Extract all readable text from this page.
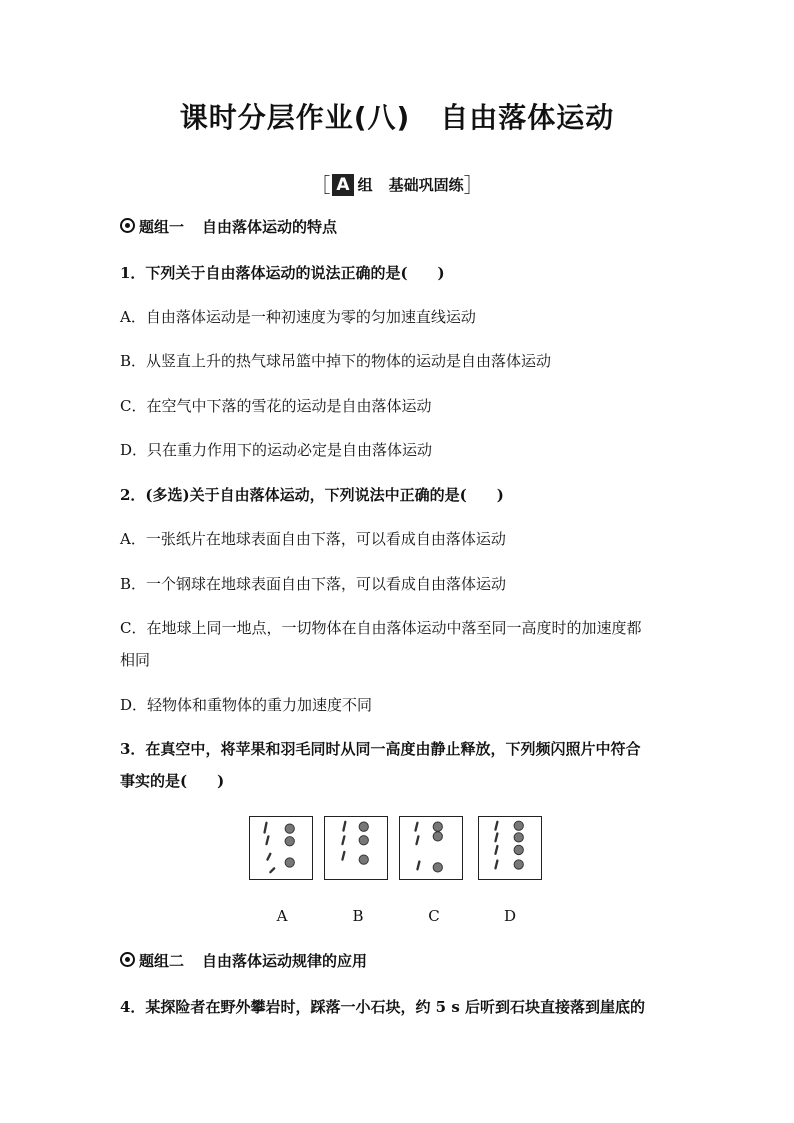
课时分层作业(八) 自由落体运动
［ A 组 基础巩固练］
题组一 自由落体运动的特点
1．下列关于自由落体运动的说法正确的是(　　)
A．自由落体运动是一种初速度为零的匀加速直线运动
B．从竖直上升的热气球吊篮中掉下的物体的运动是自由落体运动
C．在空气中下落的雪花的运动是自由落体运动
D．只在重力作用下的运动必定是自由落体运动
2．(多选)关于自由落体运动，下列说法中正确的是(　　)
A．一张纸片在地球表面自由下落，可以看成自由落体运动
B．一个钢球在地球表面自由下落，可以看成自由落体运动
C．在地球上同一地点，一切物体在自由落体运动中落至同一高度时的加速度都
相同
D．轻物体和重物体的重力加速度不同
3．在真空中，将苹果和羽毛同时从同一高度由静止释放，下列频闪照片中符合
事实的是(　　)
A	B	C	D
题组二 自由落体运动规律的应用
4．某探险者在野外攀岩时，踩落一小石块，约 5 s 后听到石块直接落到崖底的
